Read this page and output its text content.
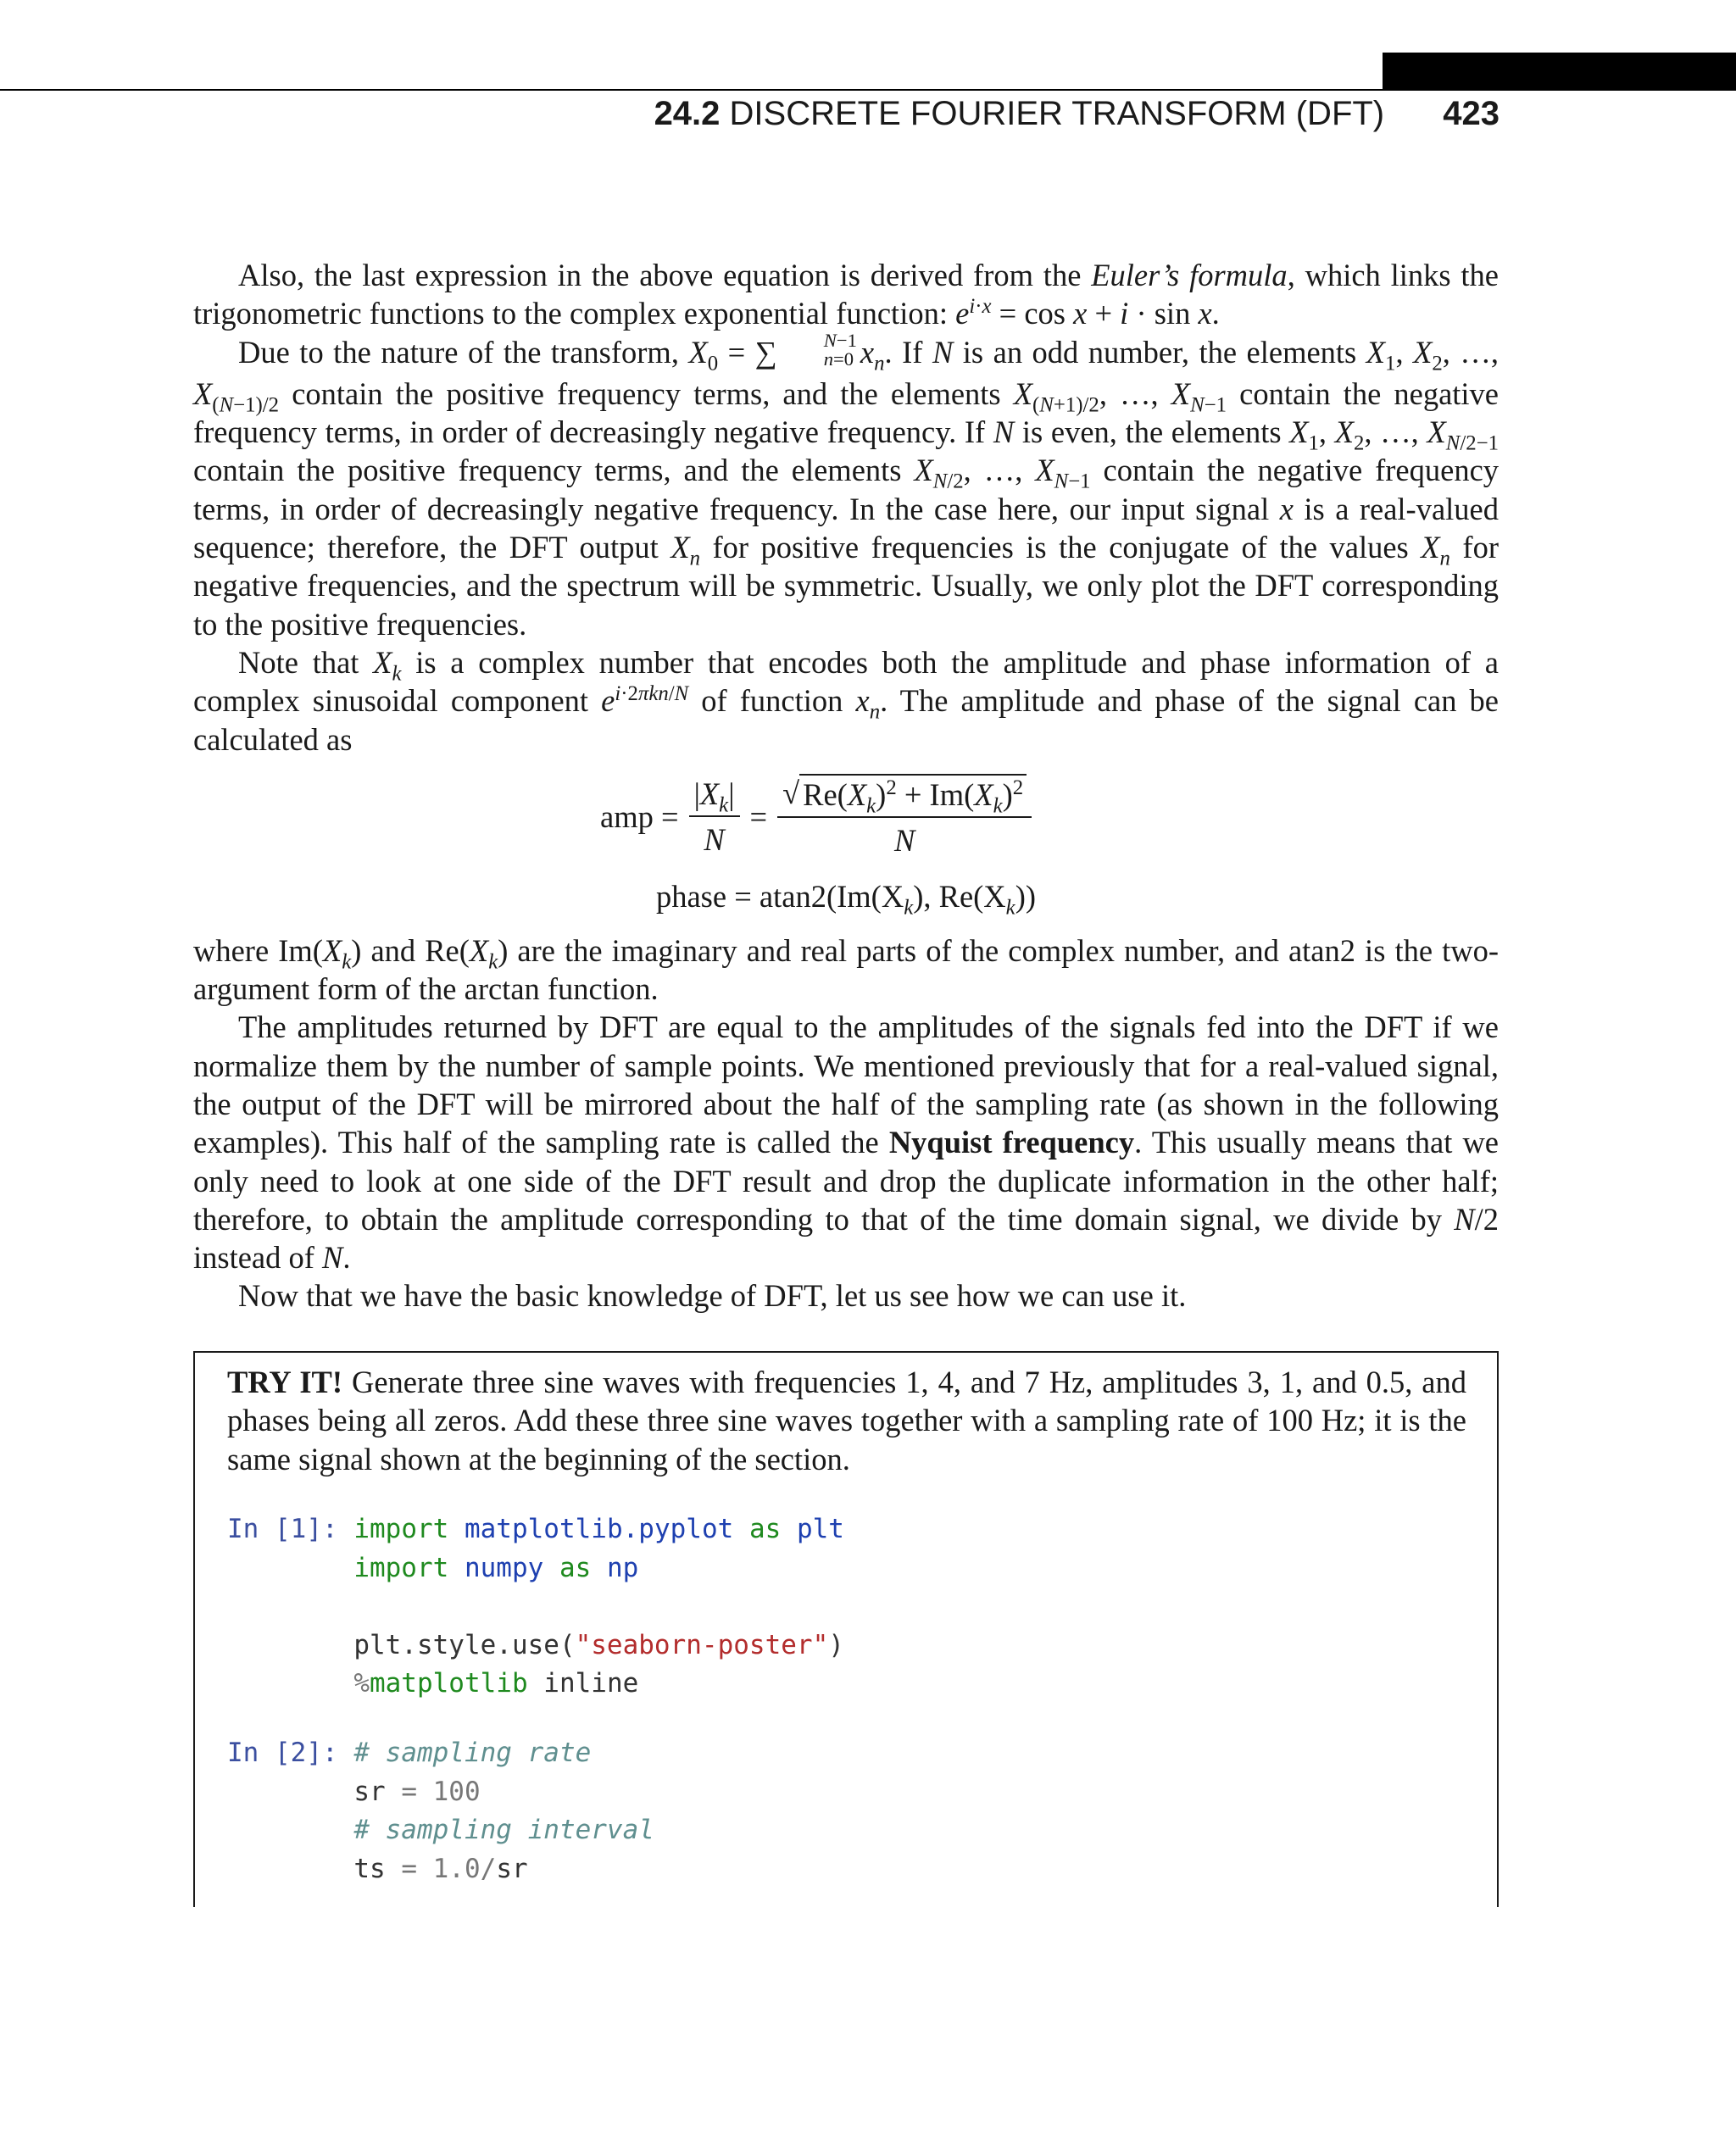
24.2 DISCRETE FOURIER TRANSFORM (DFT) 423

Also, the last expression in the above equation is derived from the Euler’s formula, which links the trigonometric functions to the complex exponential function: $e^{i\cdot x} = \cos x + i \cdot \sin x$.

Due to the nature of the transform, $X_0$ = ∑	N−1
n=0 $x_n$. If N is an odd number, the elements $X_1$, $X_2$, …, $X_{(N-1)/2}$ contain the positive frequency terms, and the elements $X_{(N+1)/2}$, …, $X_{N-1}$ contain the negative frequency terms, in order of decreasingly negative frequency. If N is even, the elements $X_1$, $X_2$, …, $X_{N/2-1}$ contain the positive frequency terms, and the elements $X_{N/2}$, …, $X_{N-1}$ contain the negative frequency terms, in order of decreasingly negative frequency. In the case here, our input signal x is a real-valued sequence; therefore, the DFT output $X_n$ for positive frequencies is the conjugate of the values $X_n$ for negative frequencies, and the spectrum will be symmetric. Usually, we only plot the DFT corresponding to the positive frequencies.

Note that $X_k$ is a complex number that encodes both the amplitude and phase information of a complex sinusoidal component $e^{i\cdot 2\pi kn/N}$ of function $x_n$. The amplitude and phase of the signal can be calculated as

amp = $\frac{|X_k|}{N} = \frac{√ Re(X_k)^2 + Im(X_k)^2}{N}$
phase = $atan2(Im(X_k)$, $Re(X_k)$)

where $Im(X_k)$ and $Re(X_k)$ are the imaginary and real parts of the complex number, and atan2 is the two-argument form of the arctan function.

The amplitudes returned by DFT are equal to the amplitudes of the signals fed into the DFT if we normalize them by the number of sample points. We mentioned previously that for a real-valued signal, the output of the DFT will be mirrored about the half of the sampling rate (as shown in the following examples). This half of the sampling rate is called the Nyquist frequency. This usually means that we only need to look at one side of the DFT result and drop the duplicate information in the other half; therefore, to obtain the amplitude corresponding to that of the time domain signal, we divide by N/2 instead of N.

Now that we have the basic knowledge of DFT, let us see how we can use it.

TRY IT! Generate three sine waves with frequencies 1, 4, and 7 Hz, amplitudes 3, 1, and 0.5, and phases being all zeros. Add these three sine waves together with a sampling rate of 100 Hz; it is the same signal shown at the beginning of the section.
In [1]: import matplotlib.pyplot as plt
import numpy as np

plt.style.use("seaborn-poster")
%matplotlib inline
In [2]: # sampling rate
sr = 100
# sampling interval
ts = 1.0/sr
